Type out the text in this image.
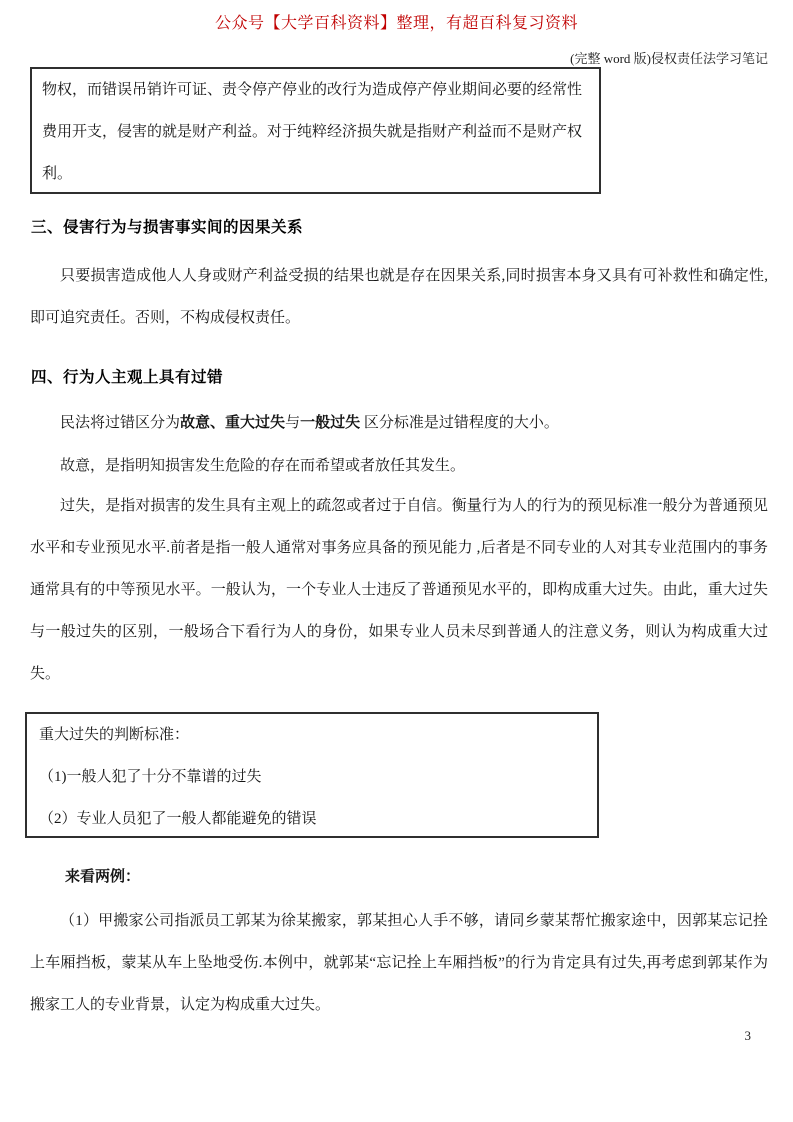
公众号【大学百科资料】整理，有超百科复习资料
(完整 word 版)侵权责任法学习笔记
物权，而错误吊销许可证、责令停产停业的改行为造成停产停业期间必要的经常性费用开支，侵害的就是财产利益。对于纯粹经济损失就是指财产利益而不是财产权利。
三、侵害行为与损害事实间的因果关系
只要损害造成他人人身或财产利益受损的结果也就是存在因果关系,同时损害本身又具有可补救性和确定性,即可追究责任。否则，不构成侵权责任。
四、行为人主观上具有过错
民法将过错区分为故意、重大过失与一般过失 区分标准是过错程度的大小。
故意，是指明知损害发生危险的存在而希望或者放任其发生。
过失，是指对损害的发生具有主观上的疏忽或者过于自信。衡量行为人的行为的预见标准一般分为普通预见水平和专业预见水平.前者是指一般人通常对事务应具备的预见能力 ,后者是不同专业的人对其专业范围内的事务通常具有的中等预见水平。一般认为，一个专业人士违反了普通预见水平的，即构成重大过失。由此，重大过失与一般过失的区别，一般场合下看行为人的身份，如果专业人员未尽到普通人的注意义务，则认为构成重大过失。
重大过失的判断标准：
（1)一般人犯了十分不靠谱的过失
（2）专业人员犯了一般人都能避免的错误
来看两例：
（1）甲搬家公司指派员工郭某为徐某搬家，郭某担心人手不够，请同乡蒙某帮忙搬家途中，因郭某忘记拴上车厢挡板，蒙某从车上坠地受伤.本例中，就郭某“忘记拴上车厢挡板”的行为肯定具有过失,再考虑到郭某作为搬家工人的专业背景，认定为构成重大过失。
3
